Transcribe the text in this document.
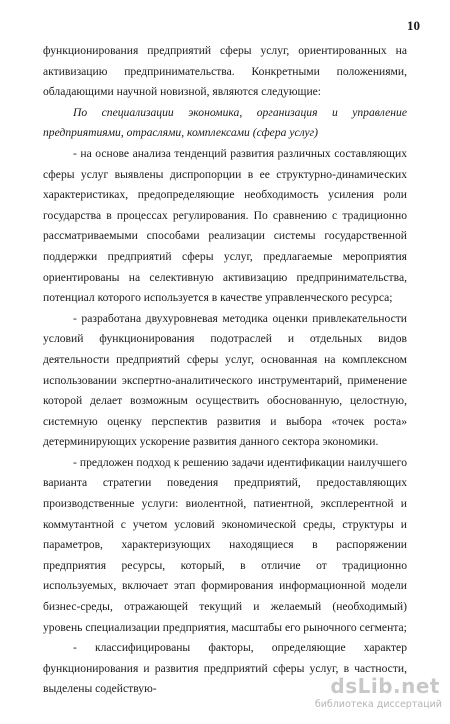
10

функционирования предприятий сферы услуг, ориентированных на активизацию предпринимательства. Конкретными положениями, обладающими научной новизной, являются следующие:

По специализации экономика, организация и управление предприятиями, отраслями, комплексами (сфера услуг)

- на основе анализа тенденций развития различных составляющих сферы услуг выявлены диспропорции в ее структурно-динамических характеристиках, предопределяющие необходимость усиления роли государства в процессах регулирования. По сравнению с традиционно рассматриваемыми способами реализации системы государственной поддержки предприятий сферы услуг, предлагаемые мероприятия ориентированы на селективную активизацию предпринимательства, потенциал которого используется в качестве управленческого ресурса;

- разработана двухуровневая методика оценки привлекательности условий функционирования подотраслей и отдельных видов деятельности предприятий сферы услуг, основанная на комплексном использовании экспертно-аналитического инструментарий, применение которой делает возможным осуществить обоснованную, целостную, системную оценку перспектив развития и выбора «точек роста» детерминирующих ускорение развития данного сектора экономики.

- предложен подход к решению задачи идентификации наилучшего варианта стратегии поведения предприятий, предоставляющих производственные услуги: виолентной, патиентной, эксплерентной и коммутантной с учетом условий экономической среды, структуры и параметров, характеризующих находящиеся в распоряжении предприятия ресурсы, который, в отличие от традиционно используемых, включает этап формирования информационной модели бизнес-среды, отражающей текущий и желаемый (необходимый) уровень специализации предприятия, масштабы его рыночного сегмента;

- классифицированы факторы, определяющие характер функционирования и развития предприятий сферы услуг, в частности, выделены содействую-	dsLib.net
библиотека диссертаций
